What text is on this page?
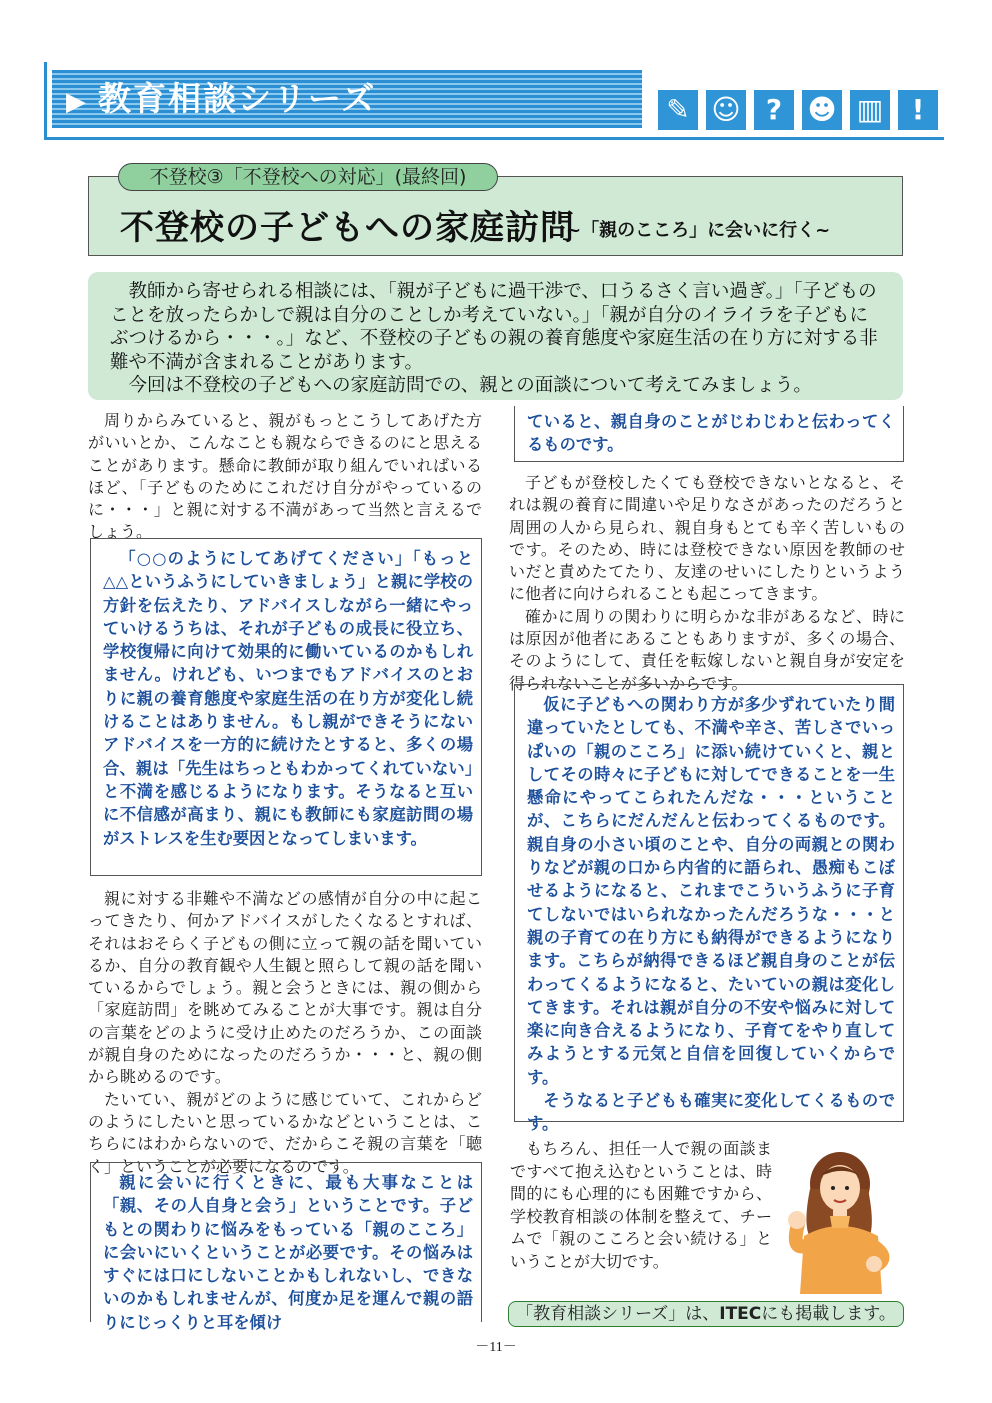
▶ 教育相談シリーズ	✎ ☺ ? ☻ ▥	!
不登校③「不登校への対応」(最終回)
不登校の子どもへの家庭訪問
~「親のこころ」に会いに行く~

教師から寄せられる相談には、「親が子どもに過干渉で、口うるさく言い過ぎ。」「子どものことを放ったらかしで親は自分のことしか考えていない。」「親が自分のイライラを子どもにぶつけるから・・・。」など、不登校の子どもの親の養育態度や家庭生活の在り方に対する非難や不満が含まれることがあります。

今回は不登校の子どもへの家庭訪問での、親との面談について考えてみましょう。

周りからみていると、親がもっとこうしてあげた方がいいとか、こんなことも親ならできるのにと思えることがあります。懸命に教師が取り組んでいればいるほど、「子どものためにこれだけ自分がやっているのに・・・」と親に対する不満があって当然と言えるでしょう。

「○○のようにしてあげてください」「もっと△△というふうにしていきましょう」と親に学校の方針を伝えたり、アドバイスしながら一緒にやっていけるうちは、それが子どもの成長に役立ち、学校復帰に向けて効果的に働いているのかもしれません。けれども、いつまでもアドバイスのとおりに親の養育態度や家庭生活の在り方が変化し続けることはありません。もし親ができそうにないアドバイスを一方的に続けたとすると、多くの場合、親は「先生はちっともわかってくれていない」と不満を感じるようになります。そうなると互いに不信感が高まり、親にも教師にも家庭訪問の場がストレスを生む要因となってしまいます。

親に対する非難や不満などの感情が自分の中に起こってきたり、何かアドバイスがしたくなるとすれば、それはおそらく子どもの側に立って親の話を聞いているか、自分の教育観や人生観と照らして親の話を聞いているからでしょう。親と会うときには、親の側から「家庭訪問」を眺めてみることが大事です。親は自分の言葉をどのように受け止めたのだろうか、この面談が親自身のためになったのだろうか・・・と、親の側から眺めるのです。

たいてい、親がどのように感じていて、これからどのようにしたいと思っているかなどということは、こちらにはわからないので、だからこそ親の言葉を「聴く」ということが必要になるのです。

親に会いに行くときに、最も大事なことは「親、その人自身と会う」ということです。子どもとの関わりに悩みをもっている「親のこころ」に会いにいくということが必要です。その悩みはすぐには口にしないことかもしれないし、できないのかもしれませんが、何度か足を運んで親の語りにじっくりと耳を傾け

ていると、親自身のことがじわじわと伝わってくるものです。

子どもが登校したくても登校できないとなると、それは親の養育に間違いや足りなさがあったのだろうと周囲の人から見られ、親自身もとても辛く苦しいものです。そのため、時には登校できない原因を教師のせいだと責めたてたり、友達のせいにしたりというように他者に向けられることも起こってきます。

確かに周りの関わりに明らかな非があるなど、時には原因が他者にあることもありますが、多くの場合、そのようにして、責任を転嫁しないと親自身が安定を得られないことが多いからです。

仮に子どもへの関わり方が多少ずれていたり間違っていたとしても、不満や辛さ、苦しさでいっぱいの「親のこころ」に添い続けていくと、親としてその時々に子どもに対してできることを一生懸命にやってこられたんだな・・・ということが、こちらにだんだんと伝わってくるものです。親自身の小さい頃のことや、自分の両親との関わりなどが親の口から内省的に語られ、愚痴もこぼせるようになると、これまでこういうふうに子育てしないではいられなかったんだろうな・・・と親の子育ての在り方にも納得ができるようになります。こちらが納得できるほど親自身のことが伝わってくるようになると、たいていの親は変化してきます。それは親が自分の不安や悩みに対して楽に向き合えるようになり、子育てをやり直してみようとする元気と自信を回復していくからです。

そうなると子どもも確実に変化してくるものです。

もちろん、担任一人で親の面談まですべて抱え込むということは、時間的にも心理的にも困難ですから、学校教育相談の体制を整えて、チームで「親のこころと会い続ける」ということが大切です。

「教育相談シリーズ」は、ITECにも掲載します。
－11－
